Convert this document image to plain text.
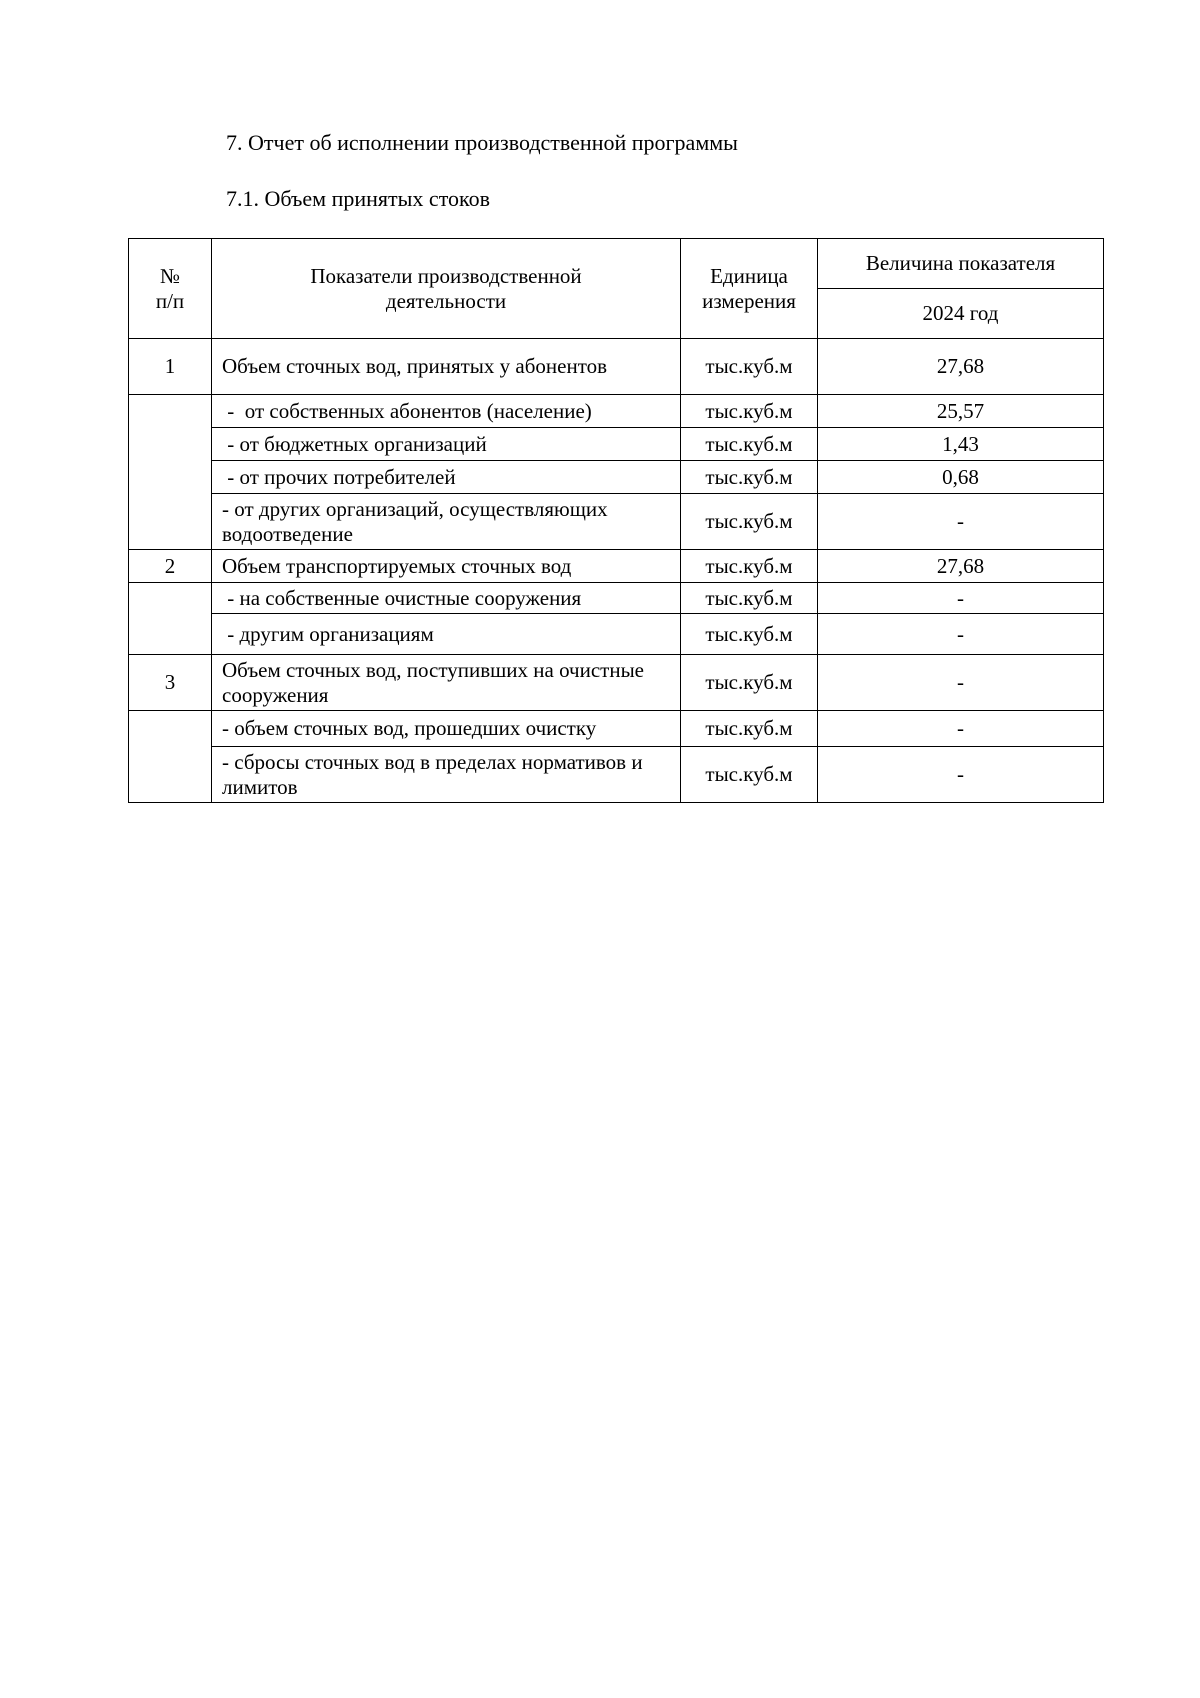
7. Отчет об исполнении производственной программы
7.1. Объем принятых стоков
№
п/п	Показатели производственной деятельности	Единица измерения	Величина показателя
			2024 год
1	Объем сточных вод, принятых у абонентов	тыс.куб.м	27,68
	-  от собственных абонентов (население)	тыс.куб.м	25,57
	- от бюджетных организаций	тыс.куб.м	1,43
	- от прочих потребителей	тыс.куб.м	0,68
	- от других организаций, осуществляющих водоотведение	тыс.куб.м	-
2	Объем транспортируемых сточных вод	тыс.куб.м	27,68
	- на собственные очистные сооружения	тыс.куб.м	-
	- другим организациям	тыс.куб.м	-
3	Объем сточных вод, поступивших на очистные сооружения	тыс.куб.м	-
	- объем сточных вод, прошедших очистку	тыс.куб.м	-
	- сбросы сточных вод в пределах нормативов и лимитов	тыс.куб.м	-
